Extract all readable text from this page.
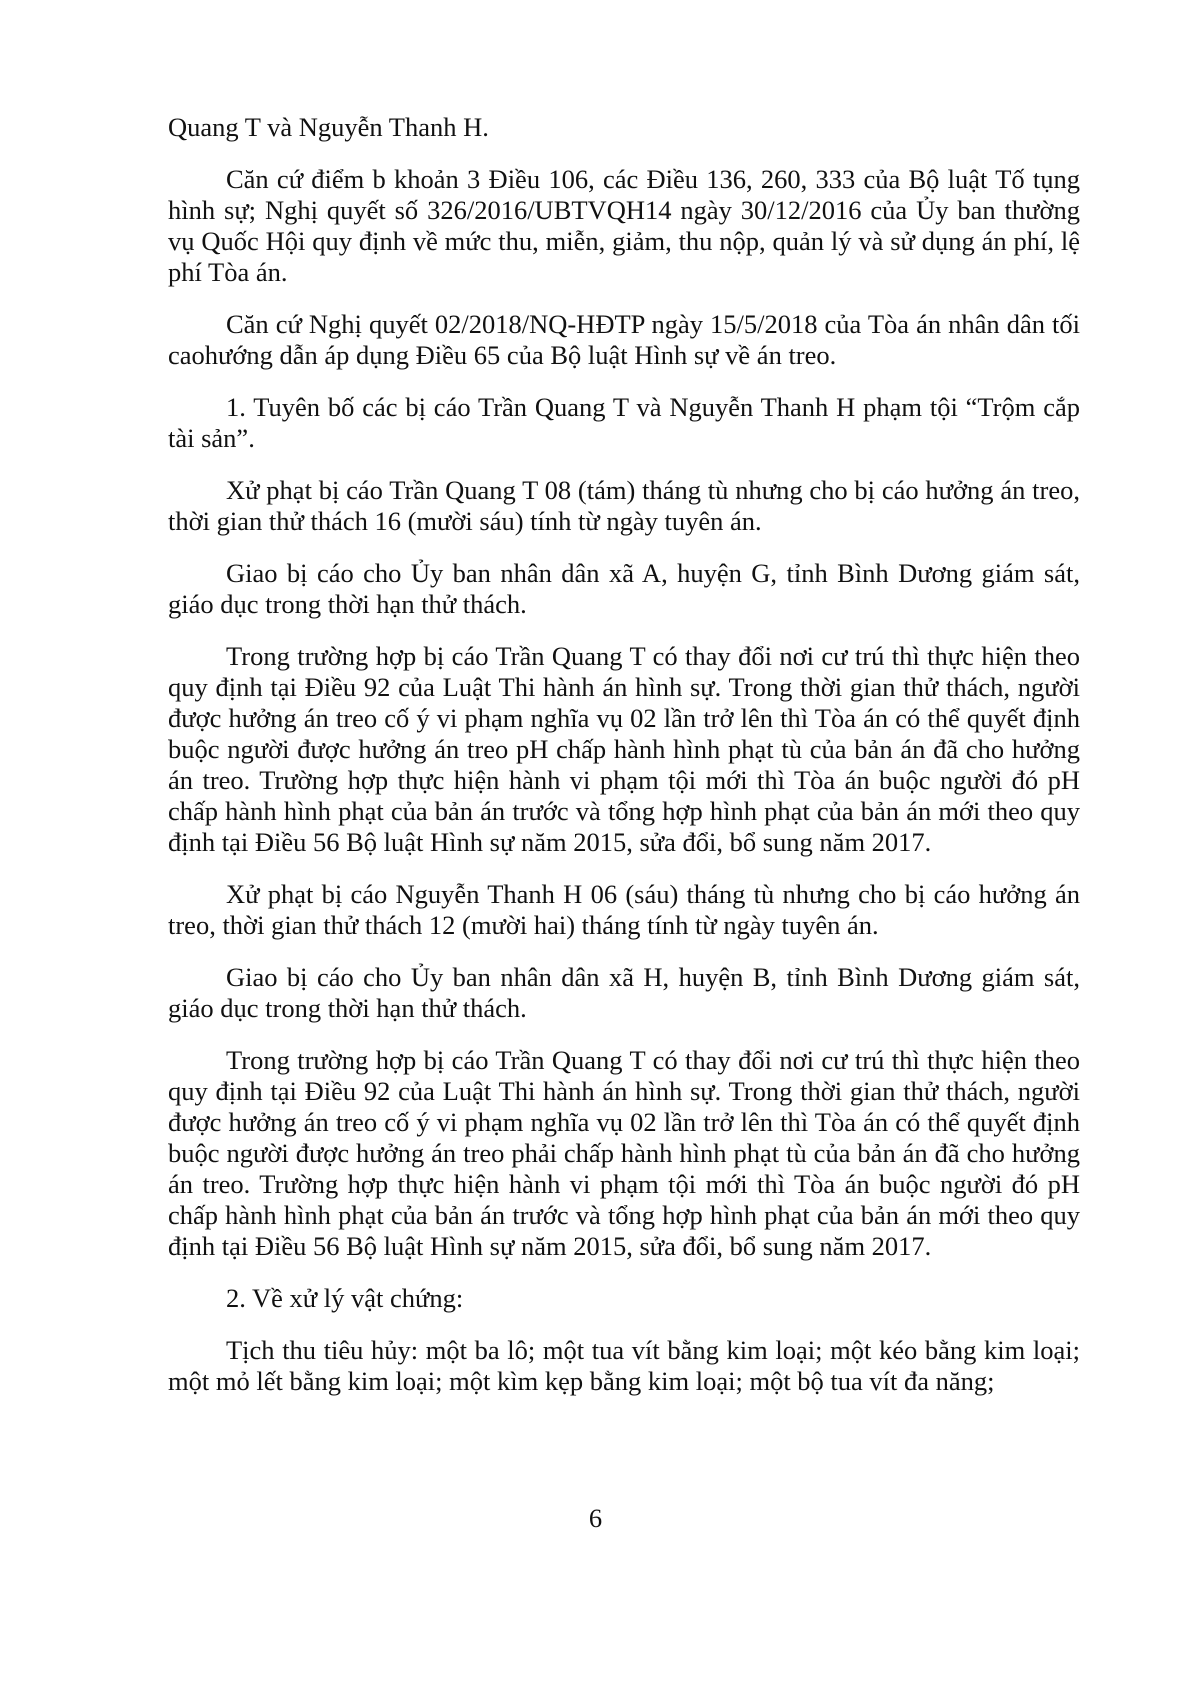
Quang T và Nguyễn Thanh H.

Căn cứ điểm b khoản 3 Điều 106, các Điều 136, 260, 333 của Bộ luật Tố tụng hình sự; Nghị quyết số 326/2016/UBTVQH14 ngày 30/12/2016 của Ủy ban thường vụ Quốc Hội quy định về mức thu, miễn, giảm, thu nộp, quản lý và sử dụng án phí, lệ phí Tòa án.

Căn cứ Nghị quyết 02/2018/NQ-HĐTP ngày 15/5/2018 của Tòa án nhân dân tối caohướng dẫn áp dụng Điều 65 của Bộ luật Hình sự về án treo.

1. Tuyên bố các bị cáo Trần Quang T và Nguyễn Thanh H phạm tội “Trộm cắp tài sản”.

Xử phạt bị cáo Trần Quang T 08 (tám) tháng tù nhưng cho bị cáo hưởng án treo, thời gian thử thách 16 (mười sáu) tính từ ngày tuyên án.

Giao bị cáo cho Ủy ban nhân dân xã A, huyện G, tỉnh Bình Dương giám sát, giáo dục trong thời hạn thử thách.

Trong trường hợp bị cáo Trần Quang T có thay đổi nơi cư trú thì thực hiện theo quy định tại Điều 92 của Luật Thi hành án hình sự. Trong thời gian thử thách, người được hưởng án treo cố ý vi phạm nghĩa vụ 02 lần trở lên thì Tòa án có thể quyết định buộc người được hưởng án treo pH chấp hành hình phạt tù của bản án đã cho hưởng án treo. Trường hợp thực hiện hành vi phạm tội mới thì Tòa án buộc người đó pH chấp hành hình phạt của bản án trước và tổng hợp hình phạt của bản án mới theo quy định tại Điều 56 Bộ luật Hình sự năm 2015, sửa đổi, bổ sung năm 2017.

Xử phạt bị cáo Nguyễn Thanh H 06 (sáu) tháng tù nhưng cho bị cáo hưởng án treo, thời gian thử thách 12 (mười hai) tháng tính từ ngày tuyên án.

Giao bị cáo cho Ủy ban nhân dân xã H, huyện B, tỉnh Bình Dương giám sát, giáo dục trong thời hạn thử thách.

Trong trường hợp bị cáo Trần Quang T có thay đổi nơi cư trú thì thực hiện theo quy định tại Điều 92 của Luật Thi hành án hình sự. Trong thời gian thử thách, người được hưởng án treo cố ý vi phạm nghĩa vụ 02 lần trở lên thì Tòa án có thể quyết định buộc người được hưởng án treo phải chấp hành hình phạt tù của bản án đã cho hưởng án treo. Trường hợp thực hiện hành vi phạm tội mới thì Tòa án buộc người đó pH chấp hành hình phạt của bản án trước và tổng hợp hình phạt của bản án mới theo quy định tại Điều 56 Bộ luật Hình sự năm 2015, sửa đổi, bổ sung năm 2017.

2. Về xử lý vật chứng:

Tịch thu tiêu hủy: một ba lô; một tua vít bằng kim loại; một kéo bằng kim loại; một mỏ lết bằng kim loại; một kìm kẹp bằng kim loại; một bộ tua vít đa năng;

6
